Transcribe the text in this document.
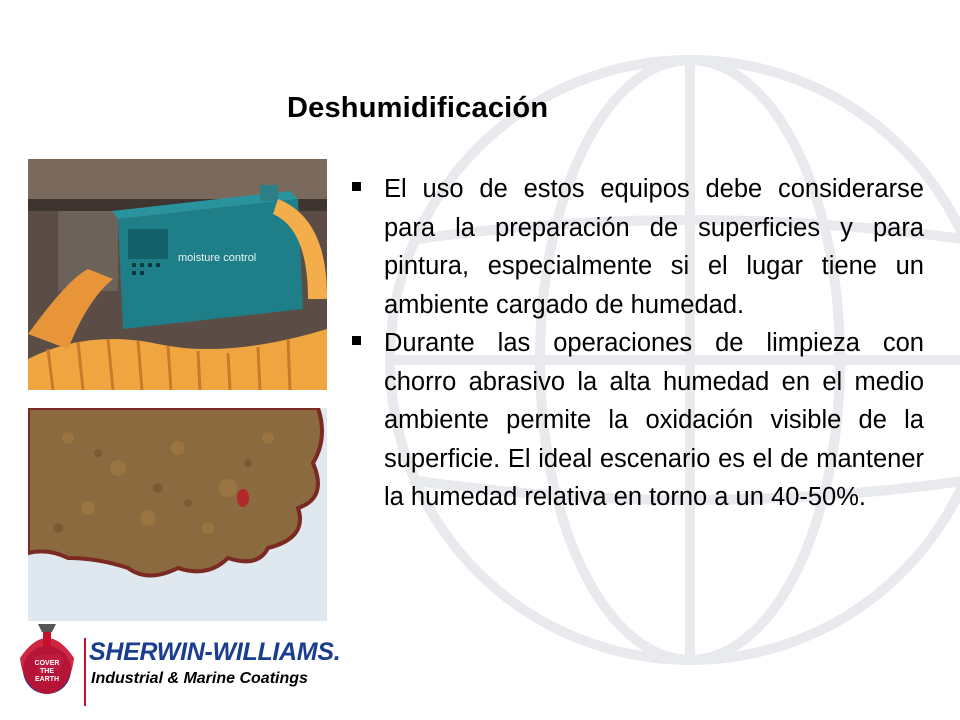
Deshumidificación
moisture control
El uso de estos equipos debe considerarse para la preparación de superficies y para pintura, especialmente si el lugar tiene un ambiente cargado de humedad.
Durante las operaciones de limpieza con chorro abrasivo la alta humedad en el medio ambiente permite la oxidación visible de la superficie. El ideal escenario es el de mantener la humedad relativa en torno a un 40-50%.
COVER
THE
EARTH
SHERWIN-WILLIAMS.
Industrial & Marine Coatings
